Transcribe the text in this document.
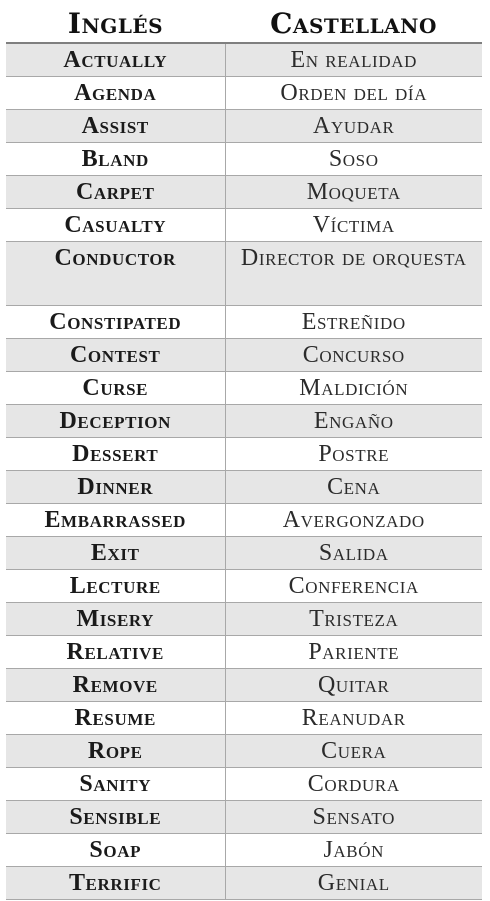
Inglés	Castellano
Actually	En realidad
Agenda	Orden del día
Assist	Ayudar
Bland	Soso
Carpet	Moqueta
Casualty	Víctima
Conductor	Director de orquesta
Constipated	Estreñido
Contest	Concurso
Curse	Maldición
Deception	Engaño
Dessert	Postre
Dinner	Cena
Embarrassed	Avergonzado
Exit	Salida
Lecture	Conferencia
Misery	Tristeza
Relative	Pariente
Remove	Quitar
Resume	Reanudar
Rope	Cuera
Sanity	Cordura
Sensible	Sensato
Soap	Jabón
Terrific	Genial
